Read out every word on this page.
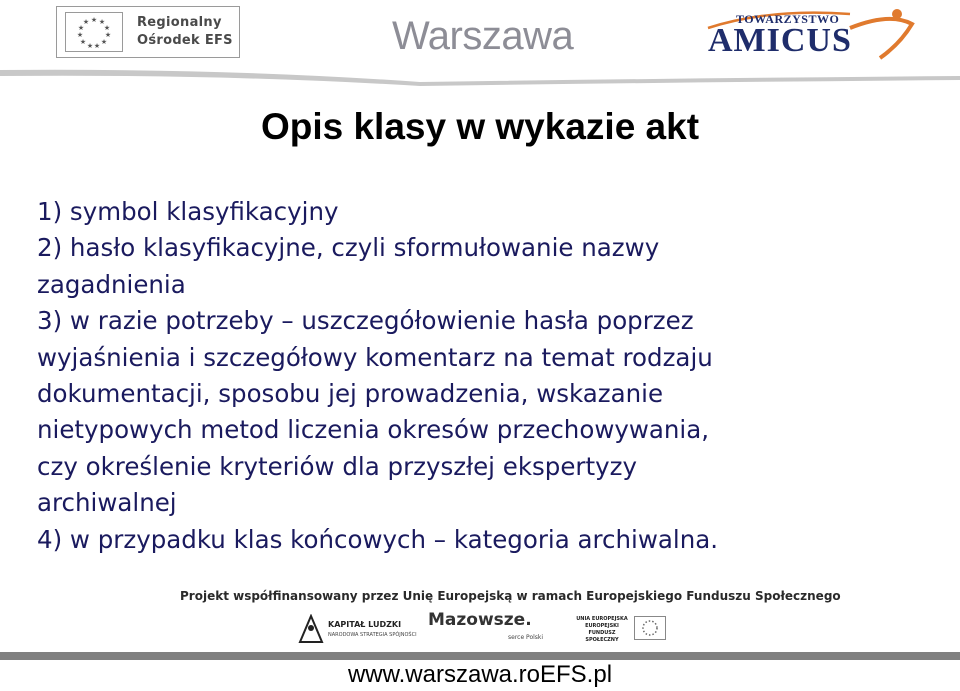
★ ★
★
★
★
★
★
★
★
★
★	Regionalny
Ośrodek EFS	Warszawa	TOWARZYSTWO
AMICUS
Opis klasy w wykazie akt
1) symbol klasyfikacyjny
2) hasło klasyfikacyjne, czyli sformułowanie nazwy
zagadnienia
3) w razie potrzeby – uszczegółowienie hasła poprzez
wyjaśnienia i szczegółowy komentarz na temat rodzaju
dokumentacji, sposobu jej prowadzenia, wskazanie
nietypowych metod liczenia okresów przechowywania,
czy określenie kryteriów dla przyszłej ekspertyzy
archiwalnej
4) w przypadku klas końcowych – kategoria archiwalna.
Projekt współfinansowany przez Unię Europejską w ramach Europejskiego Funduszu Społecznego
KAPITAŁ LUDZKI
NARODOWA STRATEGIA SPÓJNOŚCI
Mazowsze.
serce Polski
UNIA EUROPEJSKA
EUROPEJSKI
FUNDUSZ SPOŁECZNY
www.warszawa.roEFS.pl
